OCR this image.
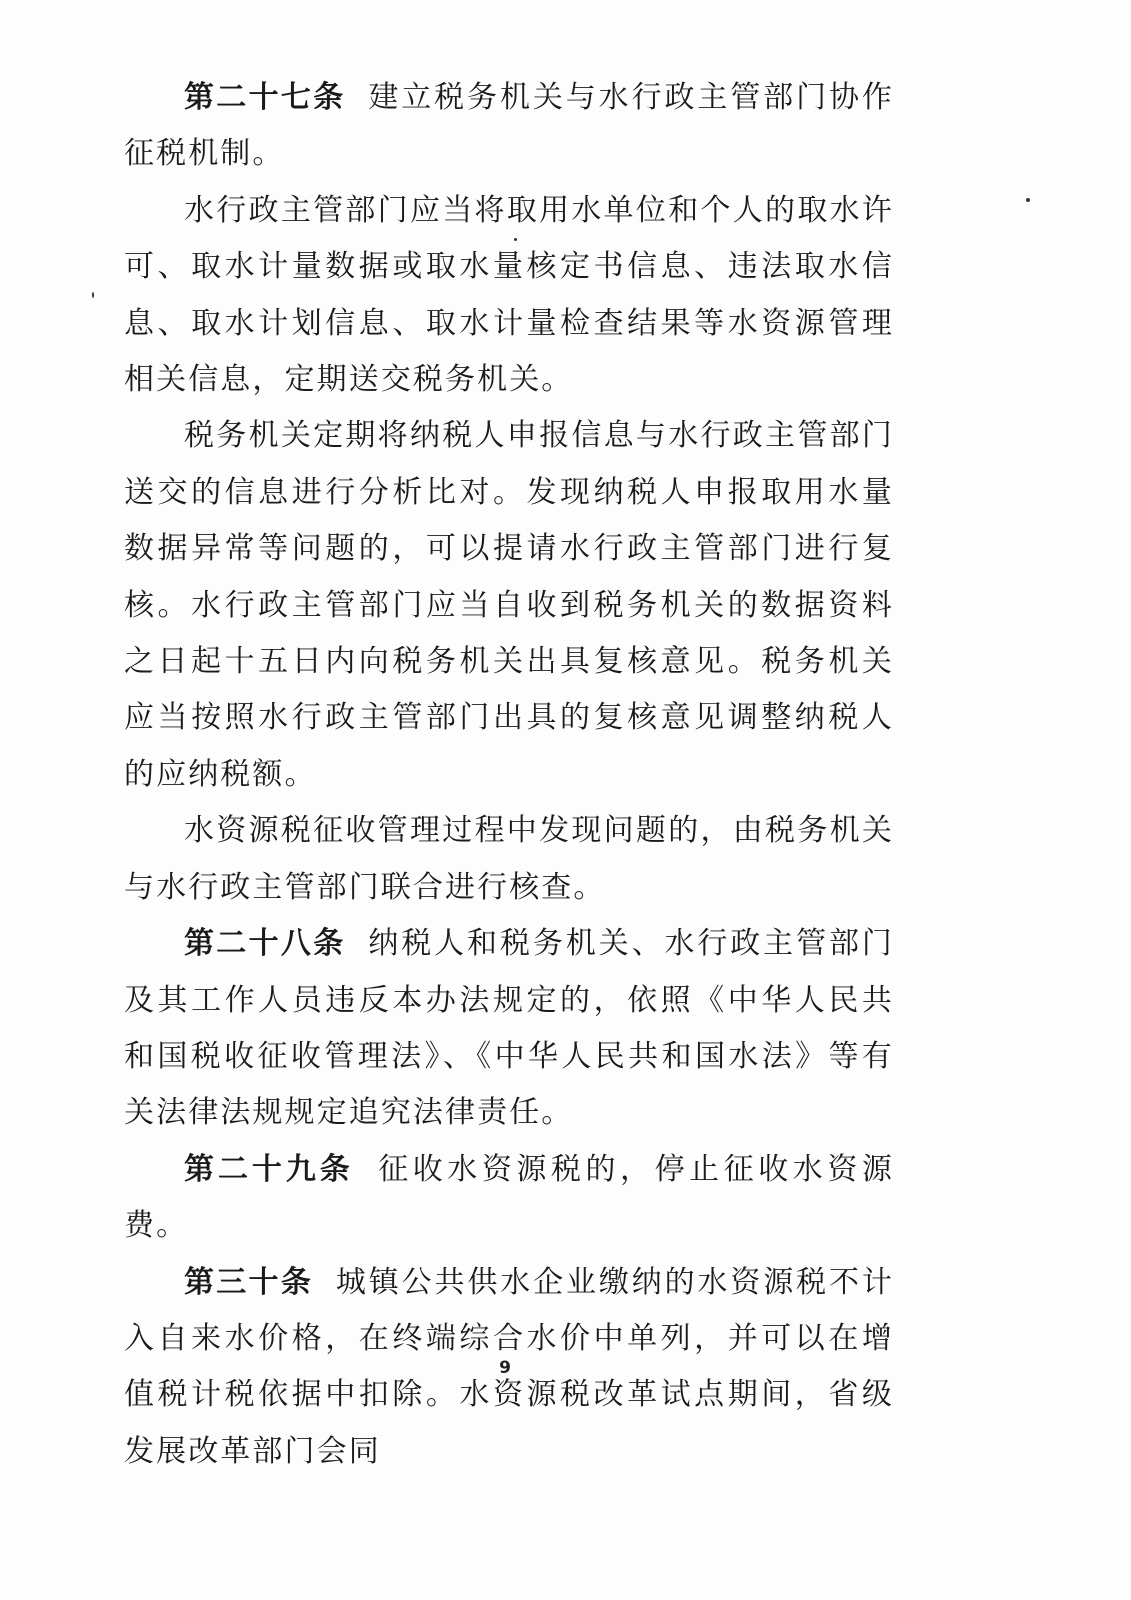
第二十七条 建立税务机关与水行政主管部门协作征税机制。

水行政主管部门应当将取用水单位和个人的取水许可、取水计量数据或取水量核定书信息、违法取水信息、取水计划信息、取水计量检查结果等水资源管理相关信息，定期送交税务机关。

税务机关定期将纳税人申报信息与水行政主管部门送交的信息进行分析比对。发现纳税人申报取用水量数据异常等问题的，可以提请水行政主管部门进行复核。水行政主管部门应当自收到税务机关的数据资料之日起十五日内向税务机关出具复核意见。税务机关应当按照水行政主管部门出具的复核意见调整纳税人的应纳税额。

水资源税征收管理过程中发现问题的，由税务机关与水行政主管部门联合进行核查。

第二十八条 纳税人和税务机关、水行政主管部门及其工作人员违反本办法规定的，依照《中华人民共和国税收征收管理法》、《中华人民共和国水法》等有关法律法规规定追究法律责任。

第二十九条 征收水资源税的，停止征收水资源费。

第三十条 城镇公共供水企业缴纳的水资源税不计入自来水价格，在终端综合水价中单列，并可以在增值税计税依据中扣除。水资源税改革试点期间，省级发展改革部门会同

9
